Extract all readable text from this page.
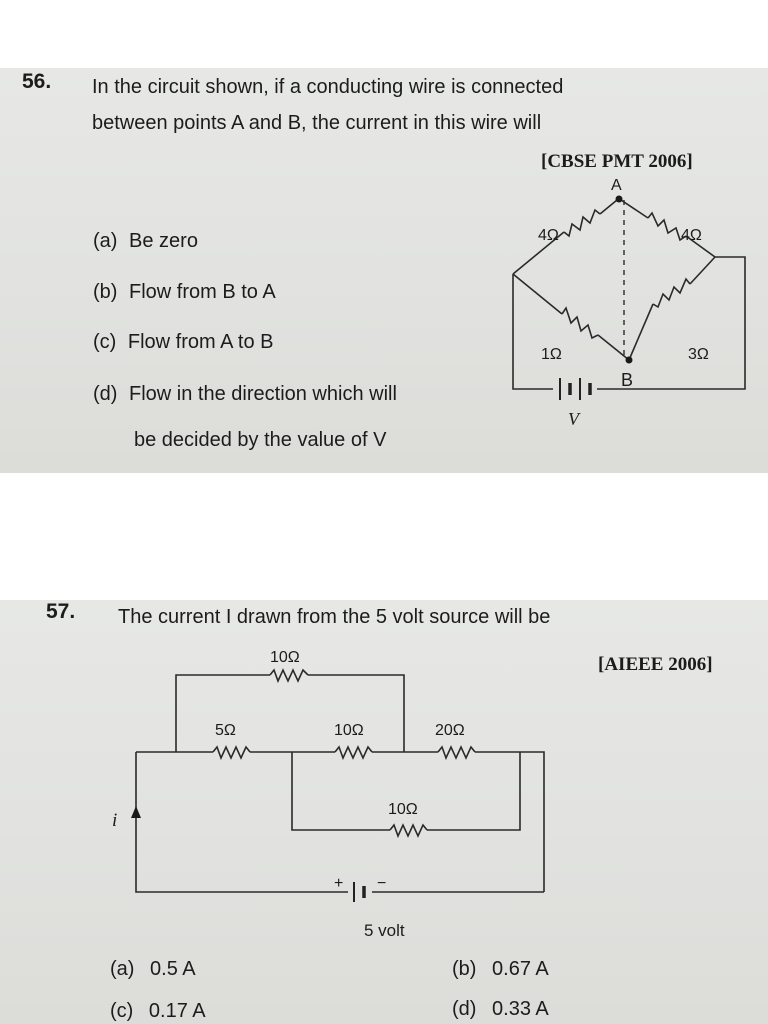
56. In the circuit shown, if a conducting wire is connected
between points A and B, the current in this wire will
[CBSE PMT 2006]
(a) Be zero
(b) Flow from B to A
(c) Flow from A to B
(d) Flow in the direction which will
be decided by the value of V
A
B
4Ω	4Ω
1Ω	3Ω
V
57. The current I drawn from the 5 volt source will be
[AIEEE 2006]
10Ω
5Ω	10Ω	20Ω
10Ω
i
+ −
5 volt
(a) 0.5 A	(b) 0.67 A
(c) 0.17 A	(d) 0.33 A
